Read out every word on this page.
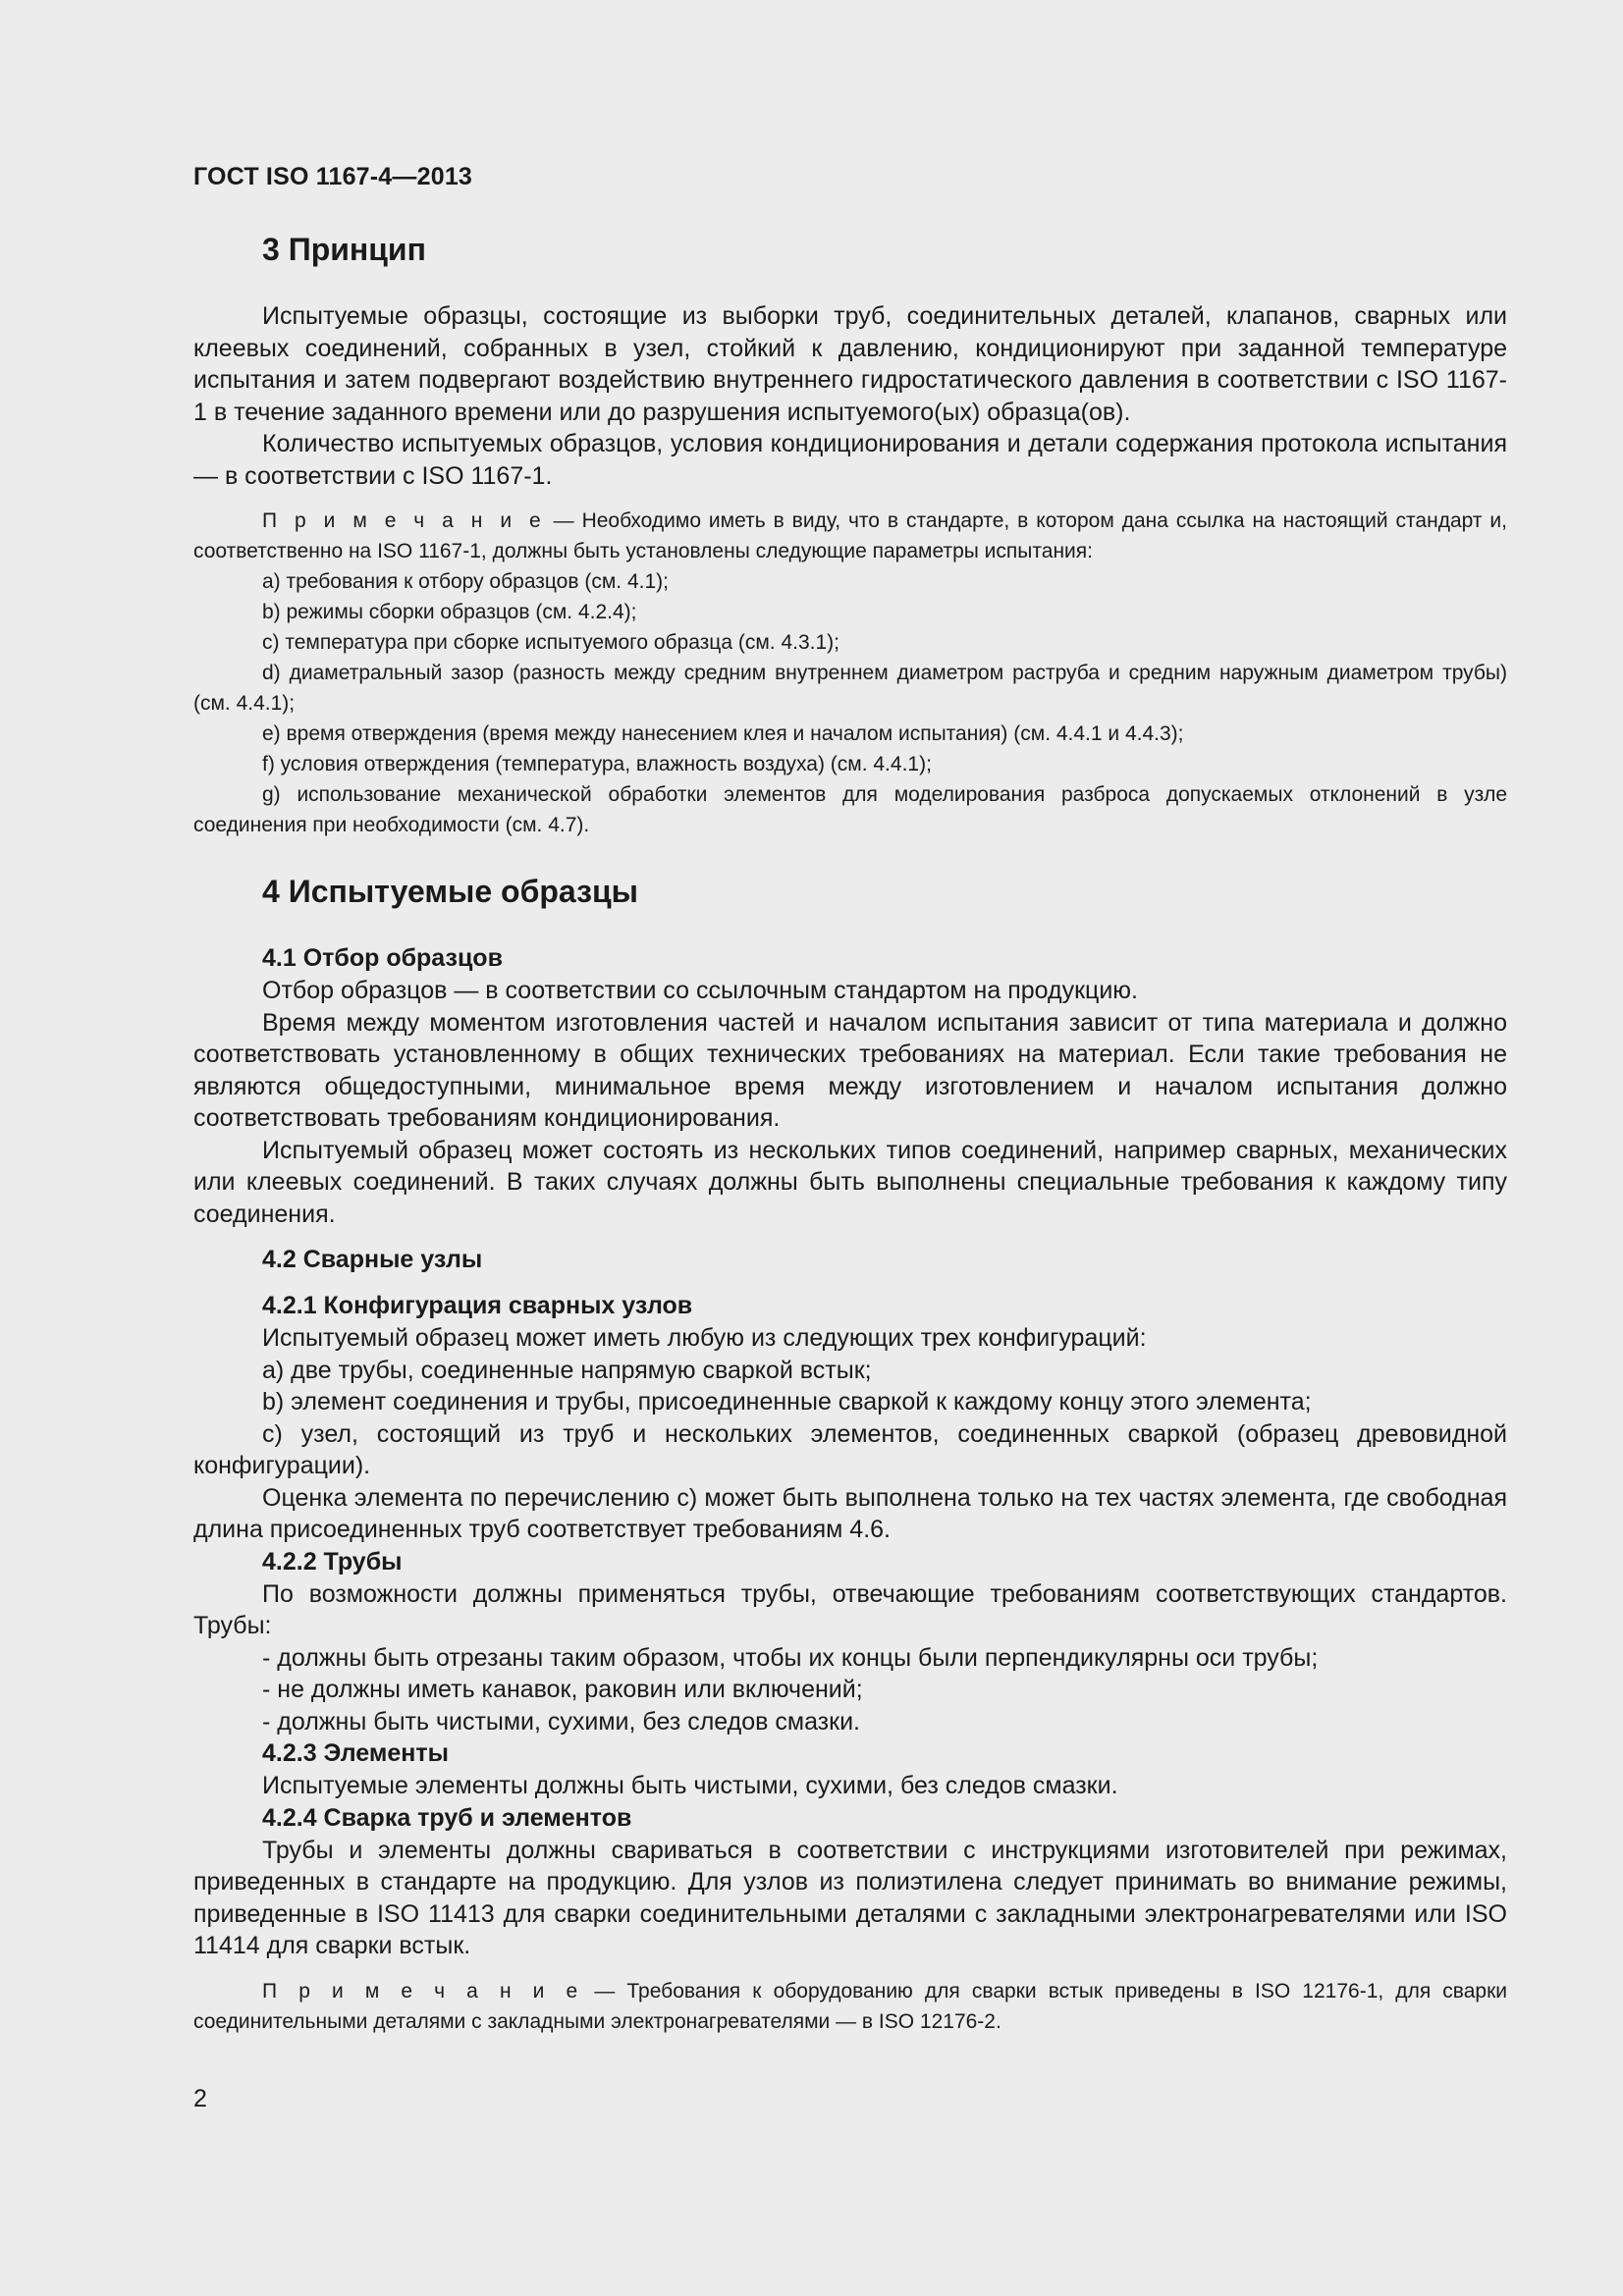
ГОСТ ISO 1167-4—2013
3 Принцип

Испытуемые образцы, состоящие из выборки труб, соединительных деталей, клапанов, сварных или клеевых соединений, собранных в узел, стойкий к давлению, кондиционируют при заданной температуре испытания и затем подвергают воздействию внутреннего гидростатического давления в соответствии с ISO 1167-1 в течение заданного времени или до разрушения испытуемого(ых) образца(ов).

Количество испытуемых образцов, условия кондиционирования и детали содержания протокола испытания — в соответствии с ISO 1167-1.

П р и м е ч а н и е — Необходимо иметь в виду, что в стандарте, в котором дана ссылка на настоящий стандарт и, соответственно на ISO 1167-1, должны быть установлены следующие параметры испытания:

a) требования к отбору образцов (см. 4.1);

b) режимы сборки образцов (см. 4.2.4);

c) температура при сборке испытуемого образца (см. 4.3.1);

d) диаметральный зазор (разность между средним внутреннем диаметром раструба и средним наружным диаметром трубы) (см. 4.4.1);

e) время отверждения (время между нанесением клея и началом испытания) (см. 4.4.1 и 4.4.3);

f) условия отверждения (температура, влажность воздуха) (см. 4.4.1);

g) использование механической обработки элементов для моделирования разброса допускаемых отклонений в узле соединения при необходимости (см. 4.7).

4 Испытуемые образцы
4.1 Отбор образцов

Отбор образцов — в соответствии со ссылочным стандартом на продукцию.

Время между моментом изготовления частей и началом испытания зависит от типа материала и должно соответствовать установленному в общих технических требованиях на материал. Если такие требования не являются общедоступными, минимальное время между изготовлением и началом испытания должно соответствовать требованиям кондиционирования.

Испытуемый образец может состоять из нескольких типов соединений, например сварных, механических или клеевых соединений. В таких случаях должны быть выполнены специальные требования к каждому типу соединения.

4.2 Сварные узлы
4.2.1 Конфигурация сварных узлов

Испытуемый образец может иметь любую из следующих трех конфигураций:

a) две трубы, соединенные напрямую сваркой встык;

b) элемент соединения и трубы, присоединенные сваркой к каждому концу этого элемента;

c) узел, состоящий из труб и нескольких элементов, соединенных сваркой (образец древовидной конфигурации).

Оценка элемента по перечислению c) может быть выполнена только на тех частях элемента, где свободная длина присоединенных труб соответствует требованиям 4.6.

4.2.2 Трубы

По возможности должны применяться трубы, отвечающие требованиям соответствующих стандартов. Трубы:

- должны быть отрезаны таким образом, чтобы их концы были перпендикулярны оси трубы;

- не должны иметь канавок, раковин или включений;

- должны быть чистыми, сухими, без следов смазки.

4.2.3 Элементы

Испытуемые элементы должны быть чистыми, сухими, без следов смазки.

4.2.4 Сварка труб и элементов

Трубы и элементы должны свариваться в соответствии с инструкциями изготовителей при режимах, приведенных в стандарте на продукцию. Для узлов из полиэтилена следует принимать во внимание режимы, приведенные в ISO 11413 для сварки соединительными деталями с закладными электронагревателями или ISO 11414 для сварки встык.

П р и м е ч а н и е — Требования к оборудованию для сварки встык приведены в ISO 12176-1, для сварки соединительными деталями с закладными электронагревателями — в ISO 12176-2.

2
